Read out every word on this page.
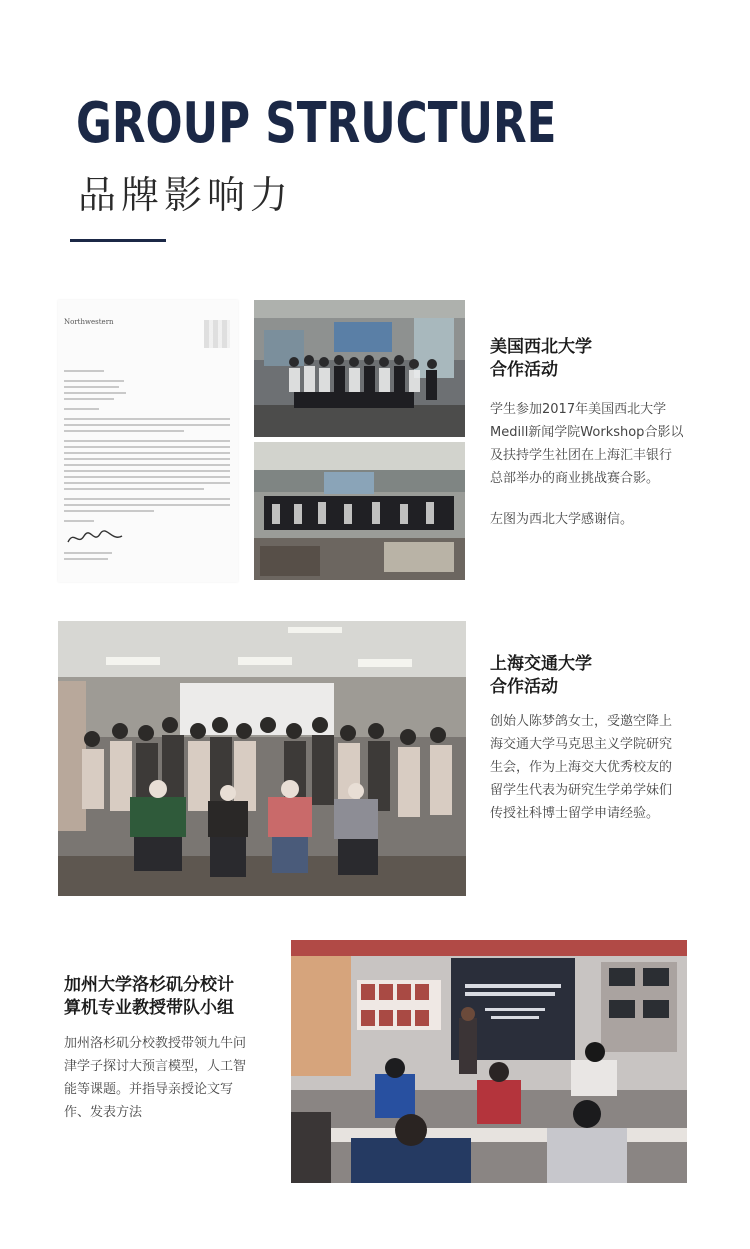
GROUP STRUCTURE
品牌影响力
Northwestern

美国西北大学

合作活动

学生参加2017年美国西北大学

Medill新闻学院Workshop合影以

及扶持学生社团在上海汇丰银行

总部举办的商业挑战赛合影。

左图为西北大学感谢信。

上海交通大学

合作活动

创始人陈梦鸽女士，受邀空降上

海交通大学马克思主义学院研究

生会，作为上海交大优秀校友的

留学生代表为研究生学弟学妹们

传授社科博士留学申请经验。

加州大学洛杉矶分校计

算机专业教授带队小组

加州洛杉矶分校教授带领九牛问

津学子探讨大预言模型，人工智

能等课题。并指导亲授论文写

作、发表方法
